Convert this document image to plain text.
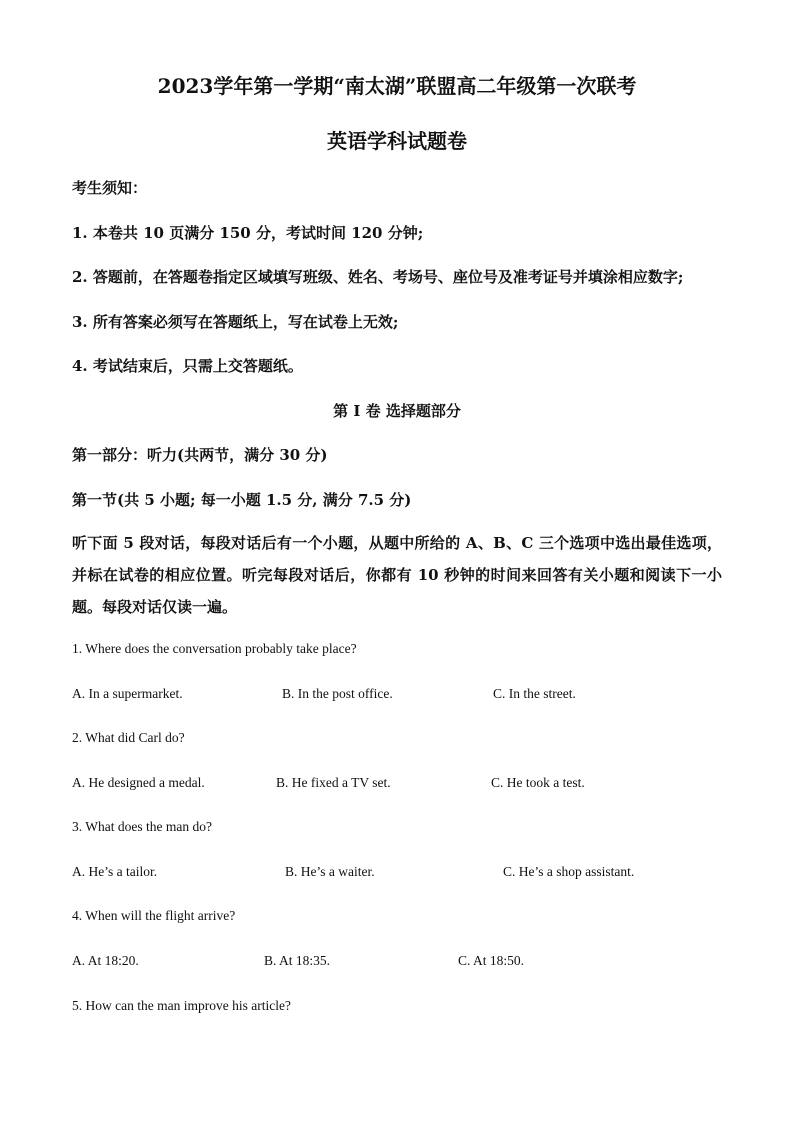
2023学年第一学期“南太湖”联盟高二年级第一次联考
英语学科试题卷
考生须知：
1. 本卷共 10 页满分 150 分，考试时间 120 分钟;
2. 答题前，在答题卷指定区域填写班级、姓名、考场号、座位号及准考证号并填涂相应数字;
3. 所有答案必须写在答题纸上，写在试卷上无效;
4. 考试结束后，只需上交答题纸。
第 I 卷 选择题部分
第一部分：听力(共两节，满分 30 分)
第一节(共 5 小题; 每一小题 1.5 分, 满分 7.5 分)
听下面 5 段对话，每段对话后有一个小题，从题中所给的 A、B、C 三个选项中选出最佳选项，并标在试卷的相应位置。听完每段对话后，你都有 10 秒钟的时间来回答有关小题和阅读下一小题。每段对话仅读一遍。
1. Where does the conversation probably take place?
A. In a supermarket.	B. In the post office.	C. In the street.
2. What did Carl do?
A. He designed a medal.	B. He fixed a TV set.	C. He took a test.
3. What does the man do?
A. He’s a tailor.	B. He’s a waiter.	C. He’s a shop assistant.
4. When will the flight arrive?
A. At 18:20.	B. At 18:35.	C. At 18:50.
5. How can the man improve his article?
